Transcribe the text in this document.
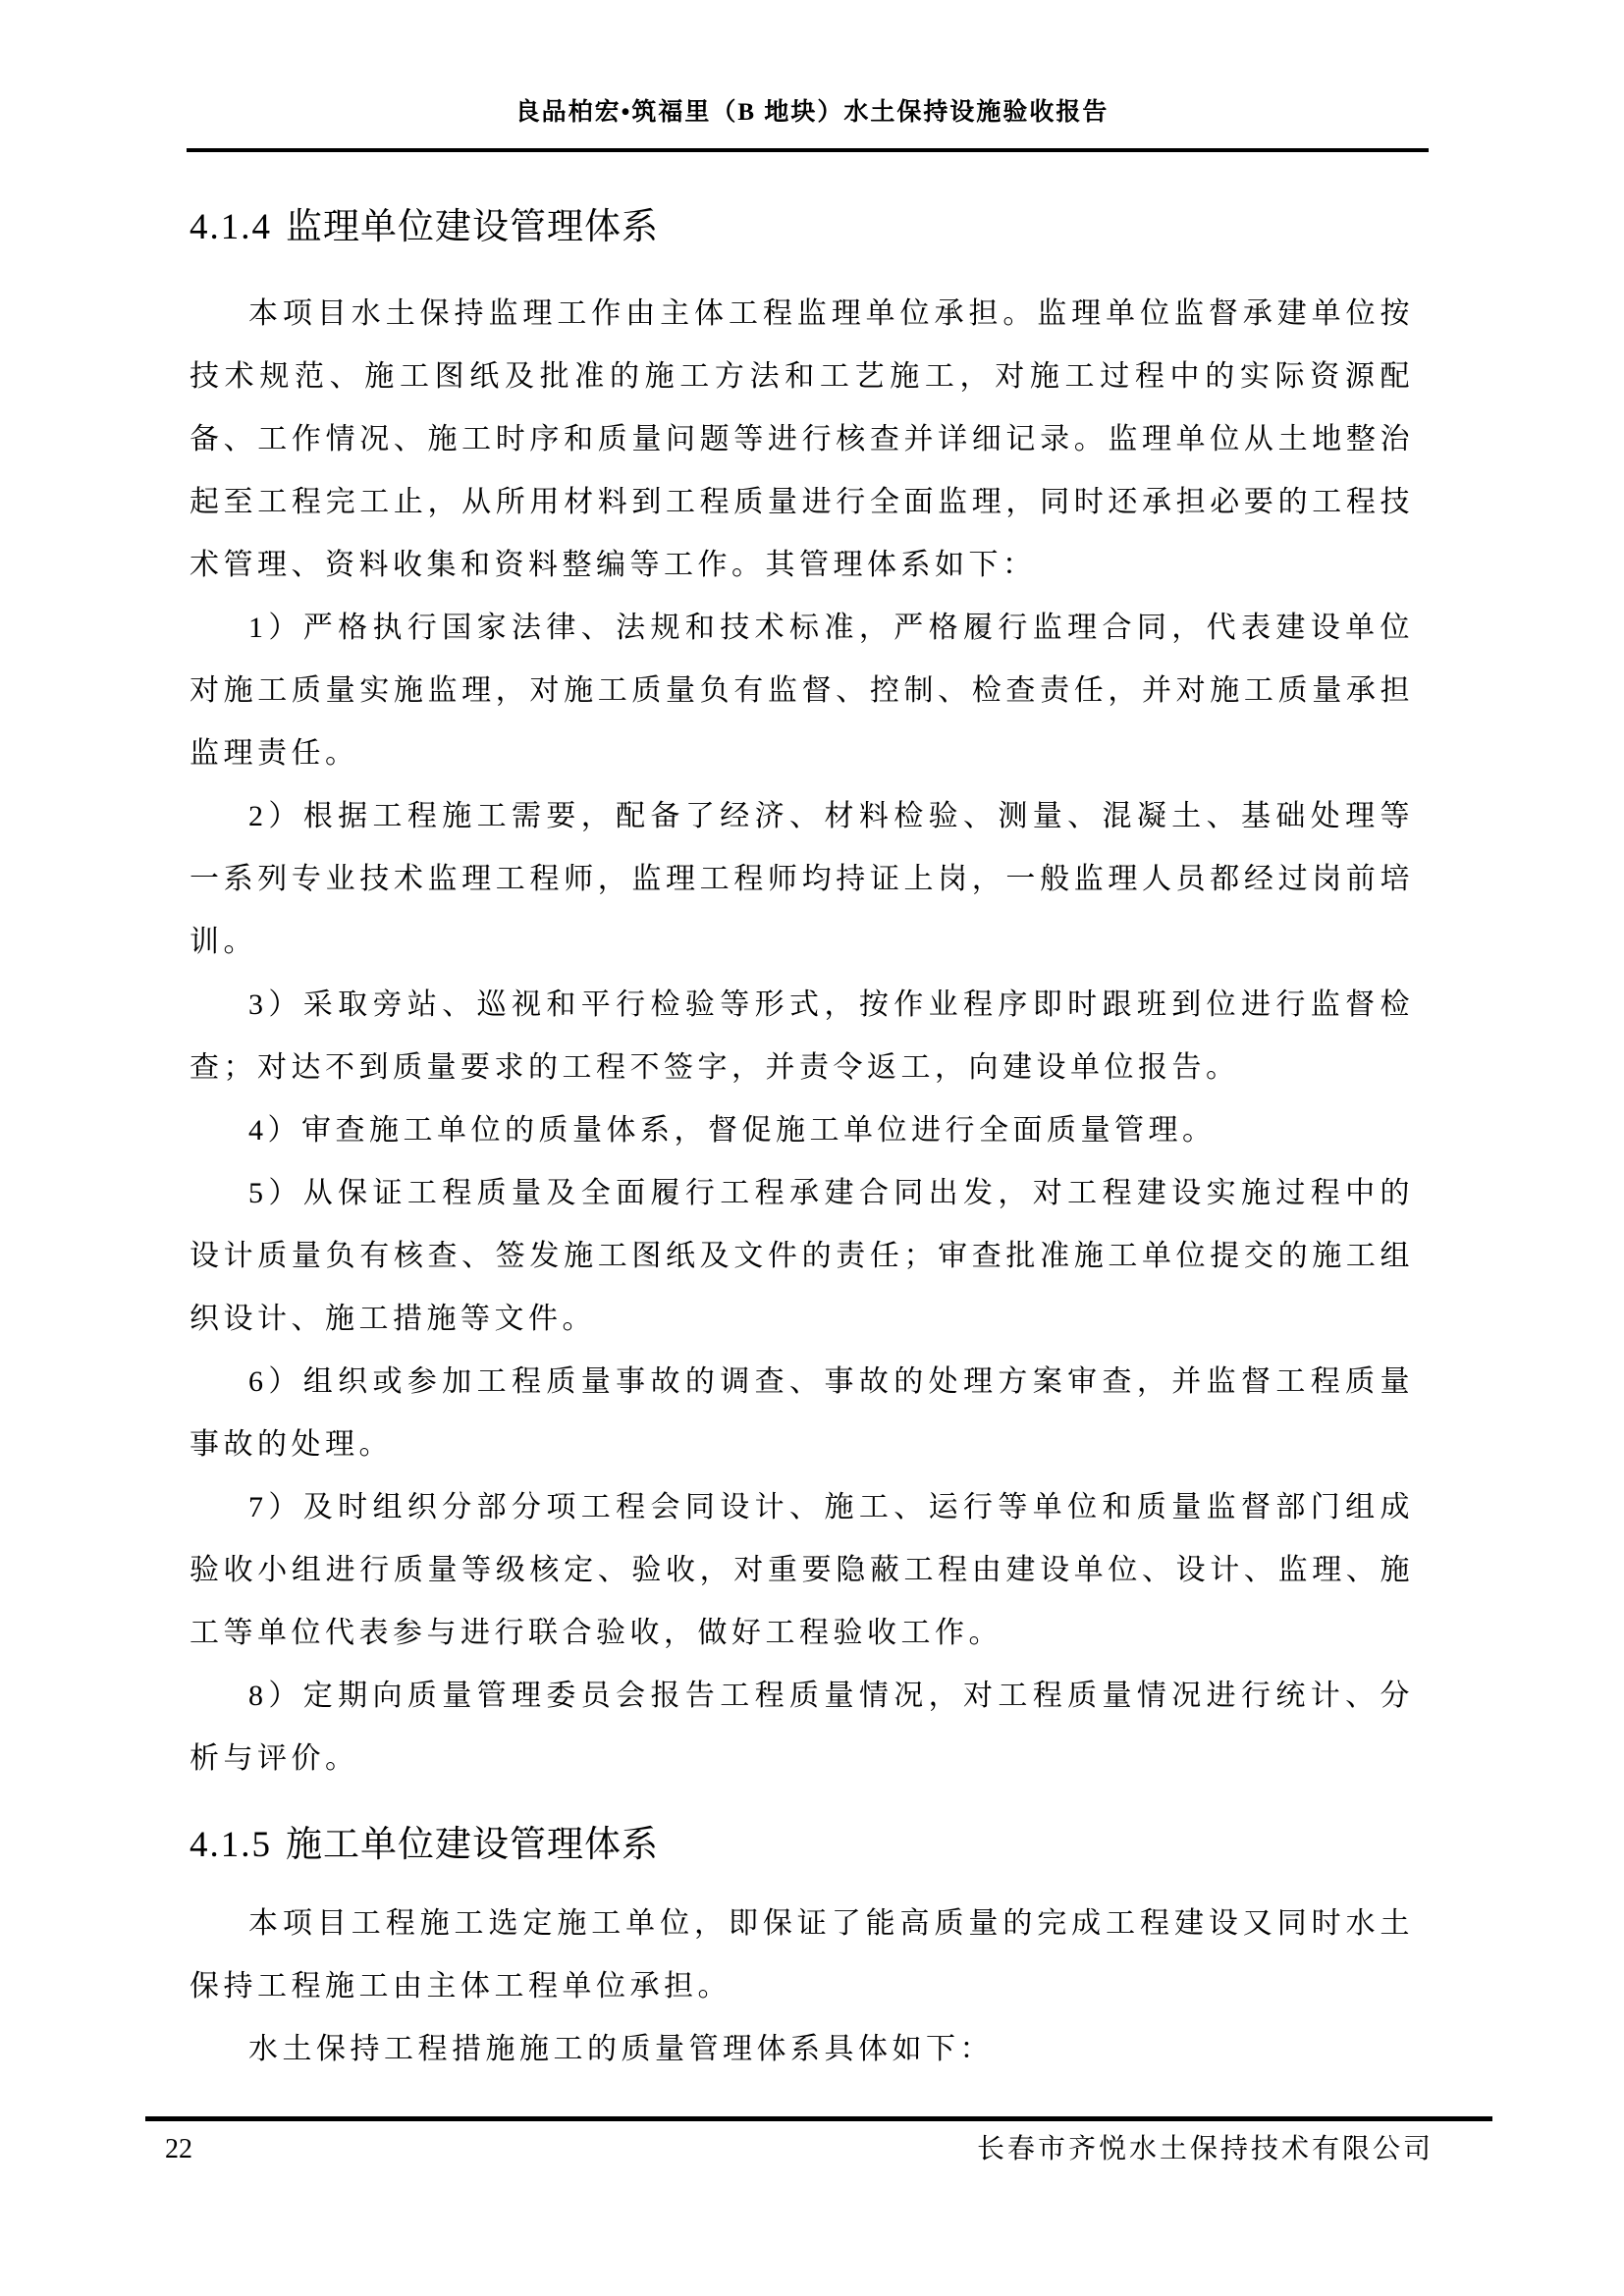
良品柏宏•筑福里（B 地块）水土保持设施验收报告
4.1.4 监理单位建设管理体系

本项目水土保持监理工作由主体工程监理单位承担。监理单位监督承建单位按技术规范、施工图纸及批准的施工方法和工艺施工，对施工过程中的实际资源配备、工作情况、施工时序和质量问题等进行核查并详细记录。监理单位从土地整治起至工程完工止，从所用材料到工程质量进行全面监理，同时还承担必要的工程技术管理、资料收集和资料整编等工作。其管理体系如下：

1）严格执行国家法律、法规和技术标准，严格履行监理合同，代表建设单位对施工质量实施监理，对施工质量负有监督、控制、检查责任，并对施工质量承担监理责任。

2）根据工程施工需要，配备了经济、材料检验、测量、混凝土、基础处理等一系列专业技术监理工程师，监理工程师均持证上岗，一般监理人员都经过岗前培训。

3）采取旁站、巡视和平行检验等形式，按作业程序即时跟班到位进行监督检查；对达不到质量要求的工程不签字，并责令返工，向建设单位报告。

4）审查施工单位的质量体系，督促施工单位进行全面质量管理。

5）从保证工程质量及全面履行工程承建合同出发，对工程建设实施过程中的设计质量负有核查、签发施工图纸及文件的责任；审查批准施工单位提交的施工组织设计、施工措施等文件。

6）组织或参加工程质量事故的调查、事故的处理方案审查，并监督工程质量事故的处理。

7）及时组织分部分项工程会同设计、施工、运行等单位和质量监督部门组成验收小组进行质量等级核定、验收，对重要隐蔽工程由建设单位、设计、监理、施工等单位代表参与进行联合验收，做好工程验收工作。

8）定期向质量管理委员会报告工程质量情况，对工程质量情况进行统计、分析与评价。

4.1.5 施工单位建设管理体系

本项目工程施工选定施工单位，即保证了能高质量的完成工程建设又同时水土保持工程施工由主体工程单位承担。

水土保持工程措施施工的质量管理体系具体如下：

22	长春市齐悦水土保持技术有限公司
